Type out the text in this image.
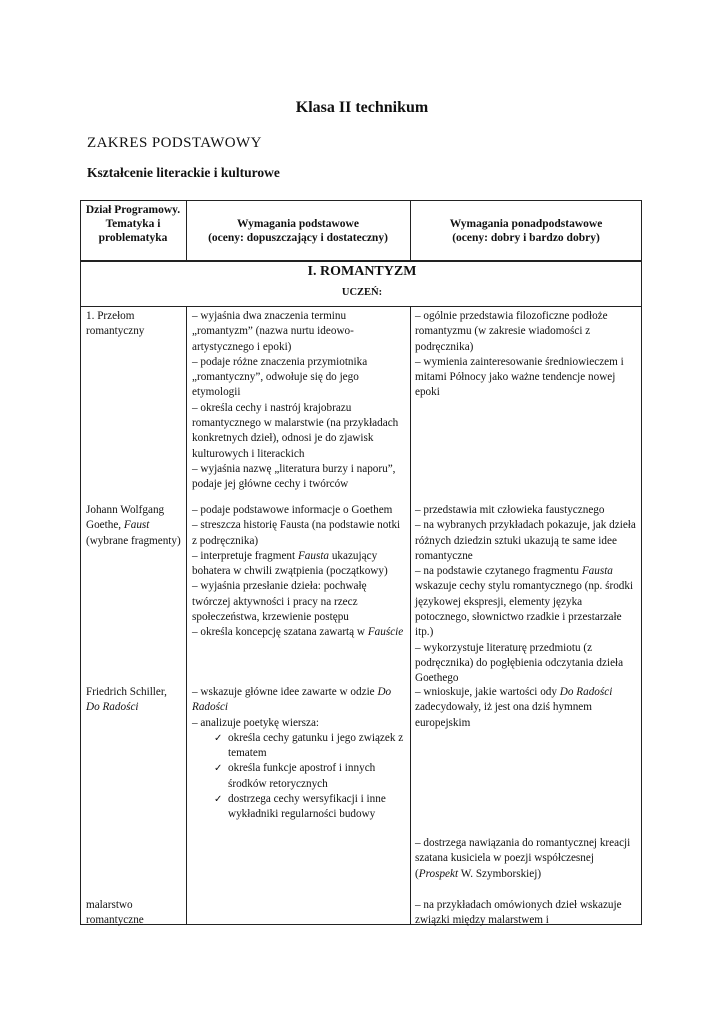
Klasa II technikum

ZAKRES PODSTAWOWY

Kształcenie literackie i kulturowe

Dział Programowy. Tematyka i problematyka
Wymagania podstawowe
(oceny: dopuszczający i dostateczny)
Wymagania ponadpodstawowe
(oceny: dobry i bardzo dobry)
I. ROMANTYZM
UCZEŃ:
1. Przełom romantyczny

– wyjaśnia dwa znaczenia terminu „romantyzm” (nazwa nurtu ideowo-artystycznego i epoki)

– podaje różne znaczenia przymiotnika „romantyczny”, odwołuje się do jego etymologii

– określa cechy i nastrój krajobrazu romantycznego w malarstwie (na przykładach konkretnych dzieł), odnosi je do zjawisk kulturowych i literackich

– wyjaśnia nazwę „literatura burzy i naporu”, podaje jej główne cechy i twórców

– ogólnie przedstawia filozoficzne podłoże romantyzmu (w zakresie wiadomości z podręcznika)

– wymienia zainteresowanie średniowieczem i mitami Północy jako ważne tendencje nowej epoki

Johann Wolfgang Goethe, Faust

(wybrane fragmenty)

– podaje podstawowe informacje o Goethem

– streszcza historię Fausta (na podstawie notki z podręcznika)

– interpretuje fragment Fausta ukazujący bohatera w chwili zwątpienia (początkowy)

– wyjaśnia przesłanie dzieła: pochwałę twórczej aktywności i pracy na rzecz społeczeństwa, krzewienie postępu

– określa koncepcję szatana zawartą w Fauście

– przedstawia mit człowieka faustycznego

– na wybranych przykładach pokazuje, jak dzieła różnych dziedzin sztuki ukazują te same idee romantyczne

– na podstawie czytanego fragmentu Fausta wskazuje cechy stylu romantycznego (np. środki językowej ekspresji, elementy języka potocznego, słownictwo rzadkie i przestarzałe itp.)

– wykorzystuje literaturę przedmiotu (z podręcznika) do pogłębienia odczytania dzieła Goethego

Friedrich Schiller,

Do Radości

– wskazuje główne idee zawarte w odzie Do Radości

– analizuje poetykę wiersza:

✓ określa cechy gatunku i jego związek z tematem
✓ określa funkcje apostrof i innych środków retorycznych
✓ dostrzega cechy wersyfikacji i inne wykładniki regularności budowy

– wnioskuje, jakie wartości ody Do Radości zadecydowały, iż jest ona dziś hymnem europejskim

– dostrzega nawiązania do romantycznej kreacji szatana kusiciela w poezji współczesnej (Prospekt W. Szymborskiej)

malarstwo romantyczne
– na przykładach omówionych dzieł wskazuje związki między malarstwem i
